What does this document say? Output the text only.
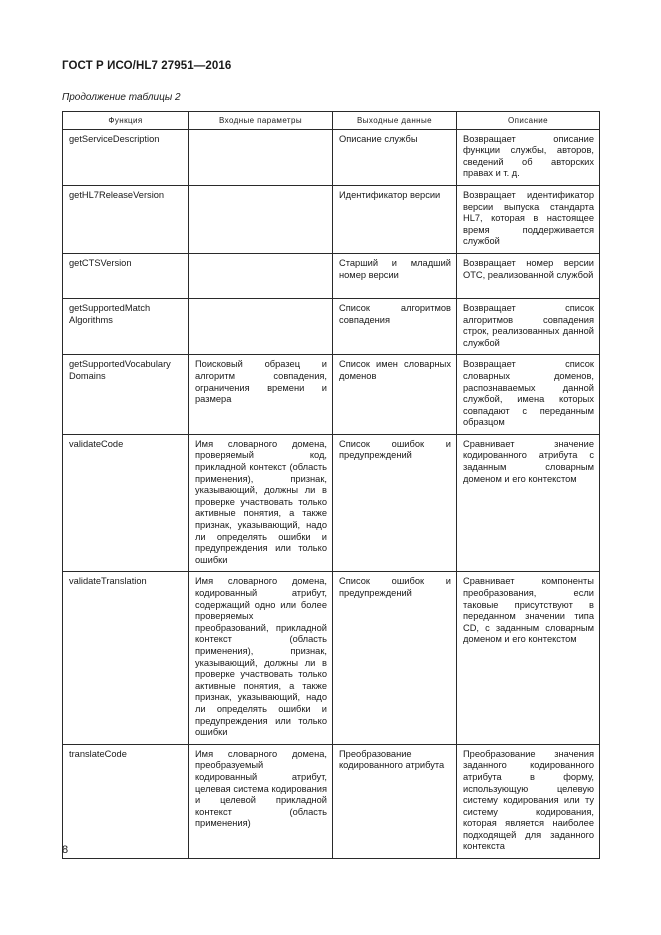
ГОСТ Р ИСО/HL7 27951—2016
Продолжение таблицы 2
Функция	Входные параметры	Выходные данные	Описание
getServiceDescription		Описание службы	Возвращает описание функции службы, авторов, сведений об авторских правах и т. д.
getHL7ReleaseVersion		Идентификатор версии	Возвращает идентификатор версии выпуска стандарта HL7, которая в настоящее время поддерживается службой
getCTSVersion		Старший и младший номер версии	Возвращает номер версии ОТС, реализованной службой
getSupportedMatch Algorithms		Список алгоритмов совпадения	Возвращает список алгоритмов совпадения строк, реализованных данной службой
getSupportedVocabulary Domains	Поисковый образец и алгоритм совпадения, ограничения времени и размера	Список имен словарных доменов	Возвращает список словарных доменов, распознаваемых данной службой, имена которых совпадают с переданным образцом
validateCode	Имя словарного домена, проверяемый код, прикладной контекст (область применения), признак, указывающий, должны ли в проверке участвовать только активные понятия, а также признак, указывающий, надо ли определять ошибки и предупреждения или только ошибки	Список ошибок и предупреждений	Сравнивает значение кодированного атрибута с заданным словарным доменом и его контекстом
validateTranslation	Имя словарного домена, кодированный атрибут, содержащий одно или более проверяемых преобразований, прикладной контекст (область применения), признак, указывающий, должны ли в проверке участвовать только активные понятия, а также признак, указывающий, надо ли определять ошибки и предупреждения или только ошибки	Список ошибок и предупреждений	Сравнивает компоненты преобразования, если таковые присутствуют в переданном значении типа CD, с заданным словарным доменом и его контекстом
translateCode	Имя словарного домена, преобразуемый кодированный атрибут, целевая система кодирования и целевой прикладной контекст (область применения)	Преобразование кодированного атрибута	Преобразование значения заданного кодированного атрибута в форму, использующую целевую систему кодирования или ту систему кодирования, которая является наиболее подходящей для заданного контекста
8
